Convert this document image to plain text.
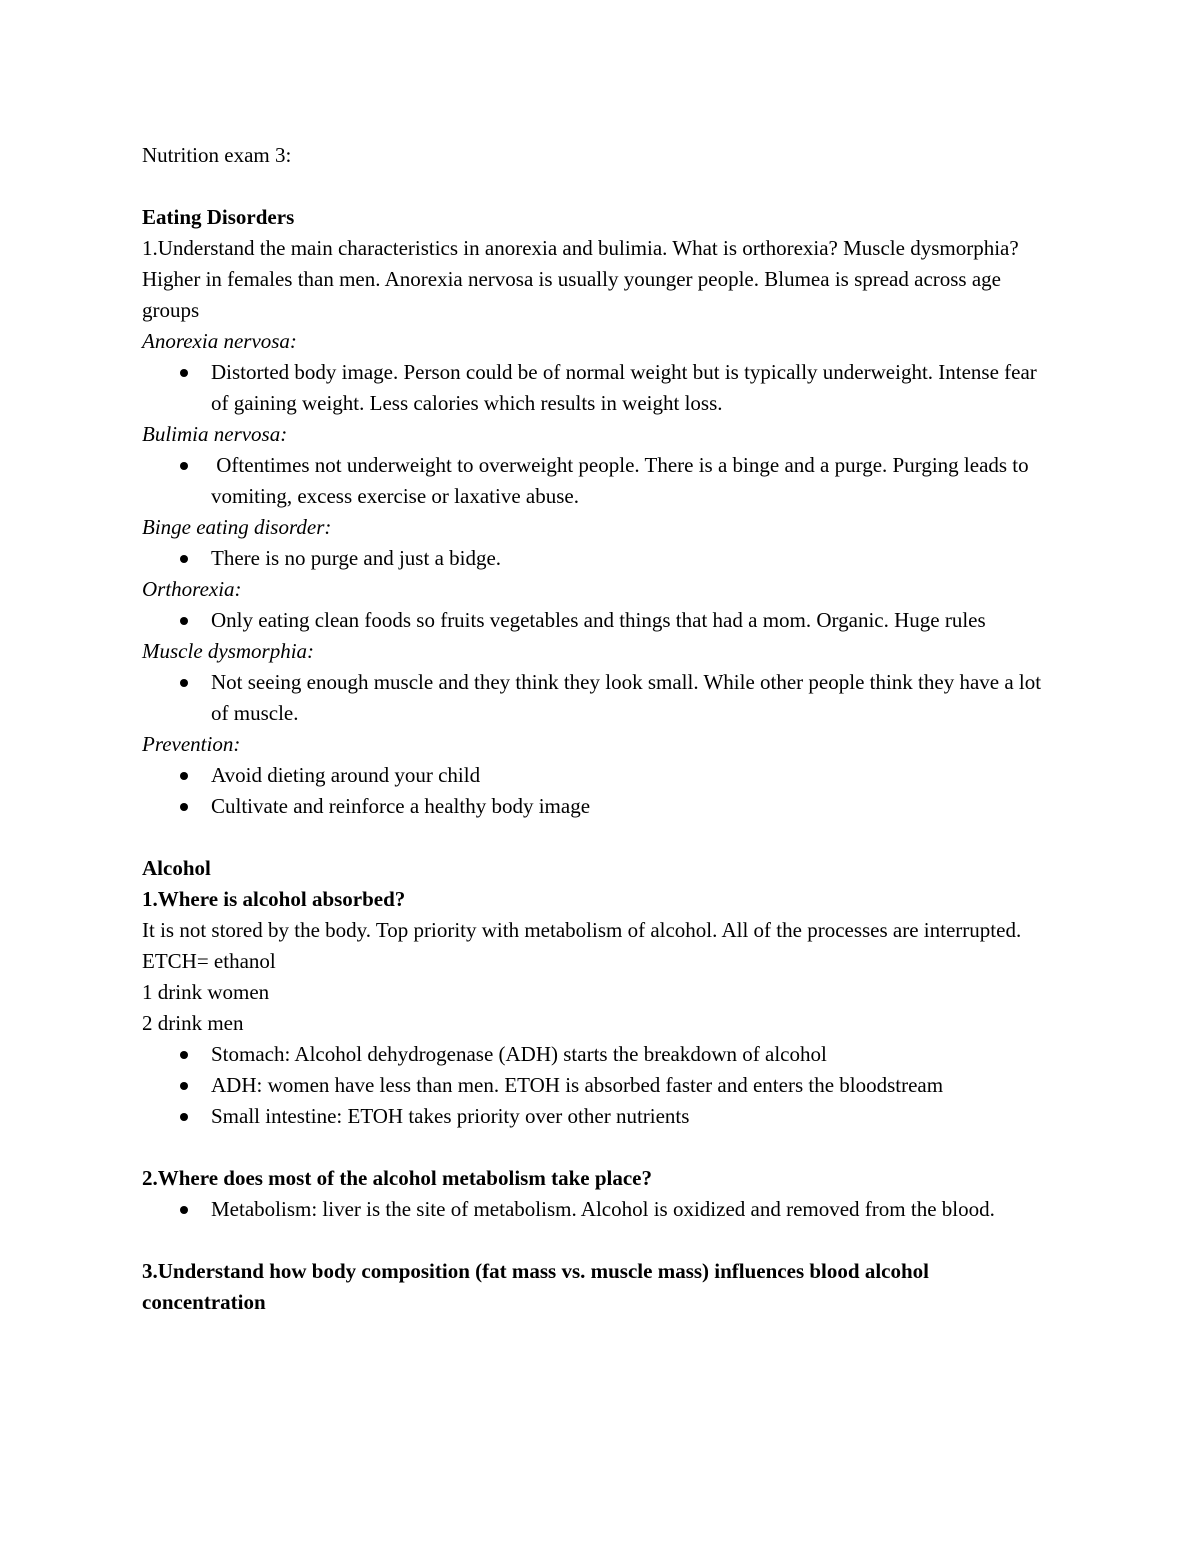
Nutrition exam 3:

Eating Disorders

1.Understand the main characteristics in anorexia and bulimia. What is orthorexia? Muscle dysmorphia?

Higher in females than men. Anorexia nervosa is usually younger people. Blumea is spread across age groups

Anorexia nervosa:

Distorted body image. Person could be of normal weight but is typically underweight. Intense fear of gaining weight. Less calories which results in weight loss.

Bulimia nervosa:

Oftentimes not underweight to overweight people. There is a binge and a purge. Purging leads to vomiting, excess exercise or laxative abuse.

Binge eating disorder:

There is no purge and just a bidge.

Orthorexia:

Only eating clean foods so fruits vegetables and things that had a mom. Organic. Huge rules

Muscle dysmorphia:

Not seeing enough muscle and they think they look small. While other people think they have a lot of muscle.

Prevention:

Avoid dieting around your child
Cultivate and reinforce a healthy body image

Alcohol

1.Where is alcohol absorbed?

It is not stored by the body. Top priority with metabolism of alcohol. All of the processes are interrupted. ETCH= ethanol

1 drink women

2 drink men

Stomach: Alcohol dehydrogenase (ADH) starts the breakdown of alcohol
ADH: women have less than men. ETOH is absorbed faster and enters the bloodstream
Small intestine: ETOH takes priority over other nutrients

2.Where does most of the alcohol metabolism take place?

Metabolism: liver is the site of metabolism. Alcohol is oxidized and removed from the blood.

3.Understand how body composition (fat mass vs. muscle mass) influences blood alcohol concentration
